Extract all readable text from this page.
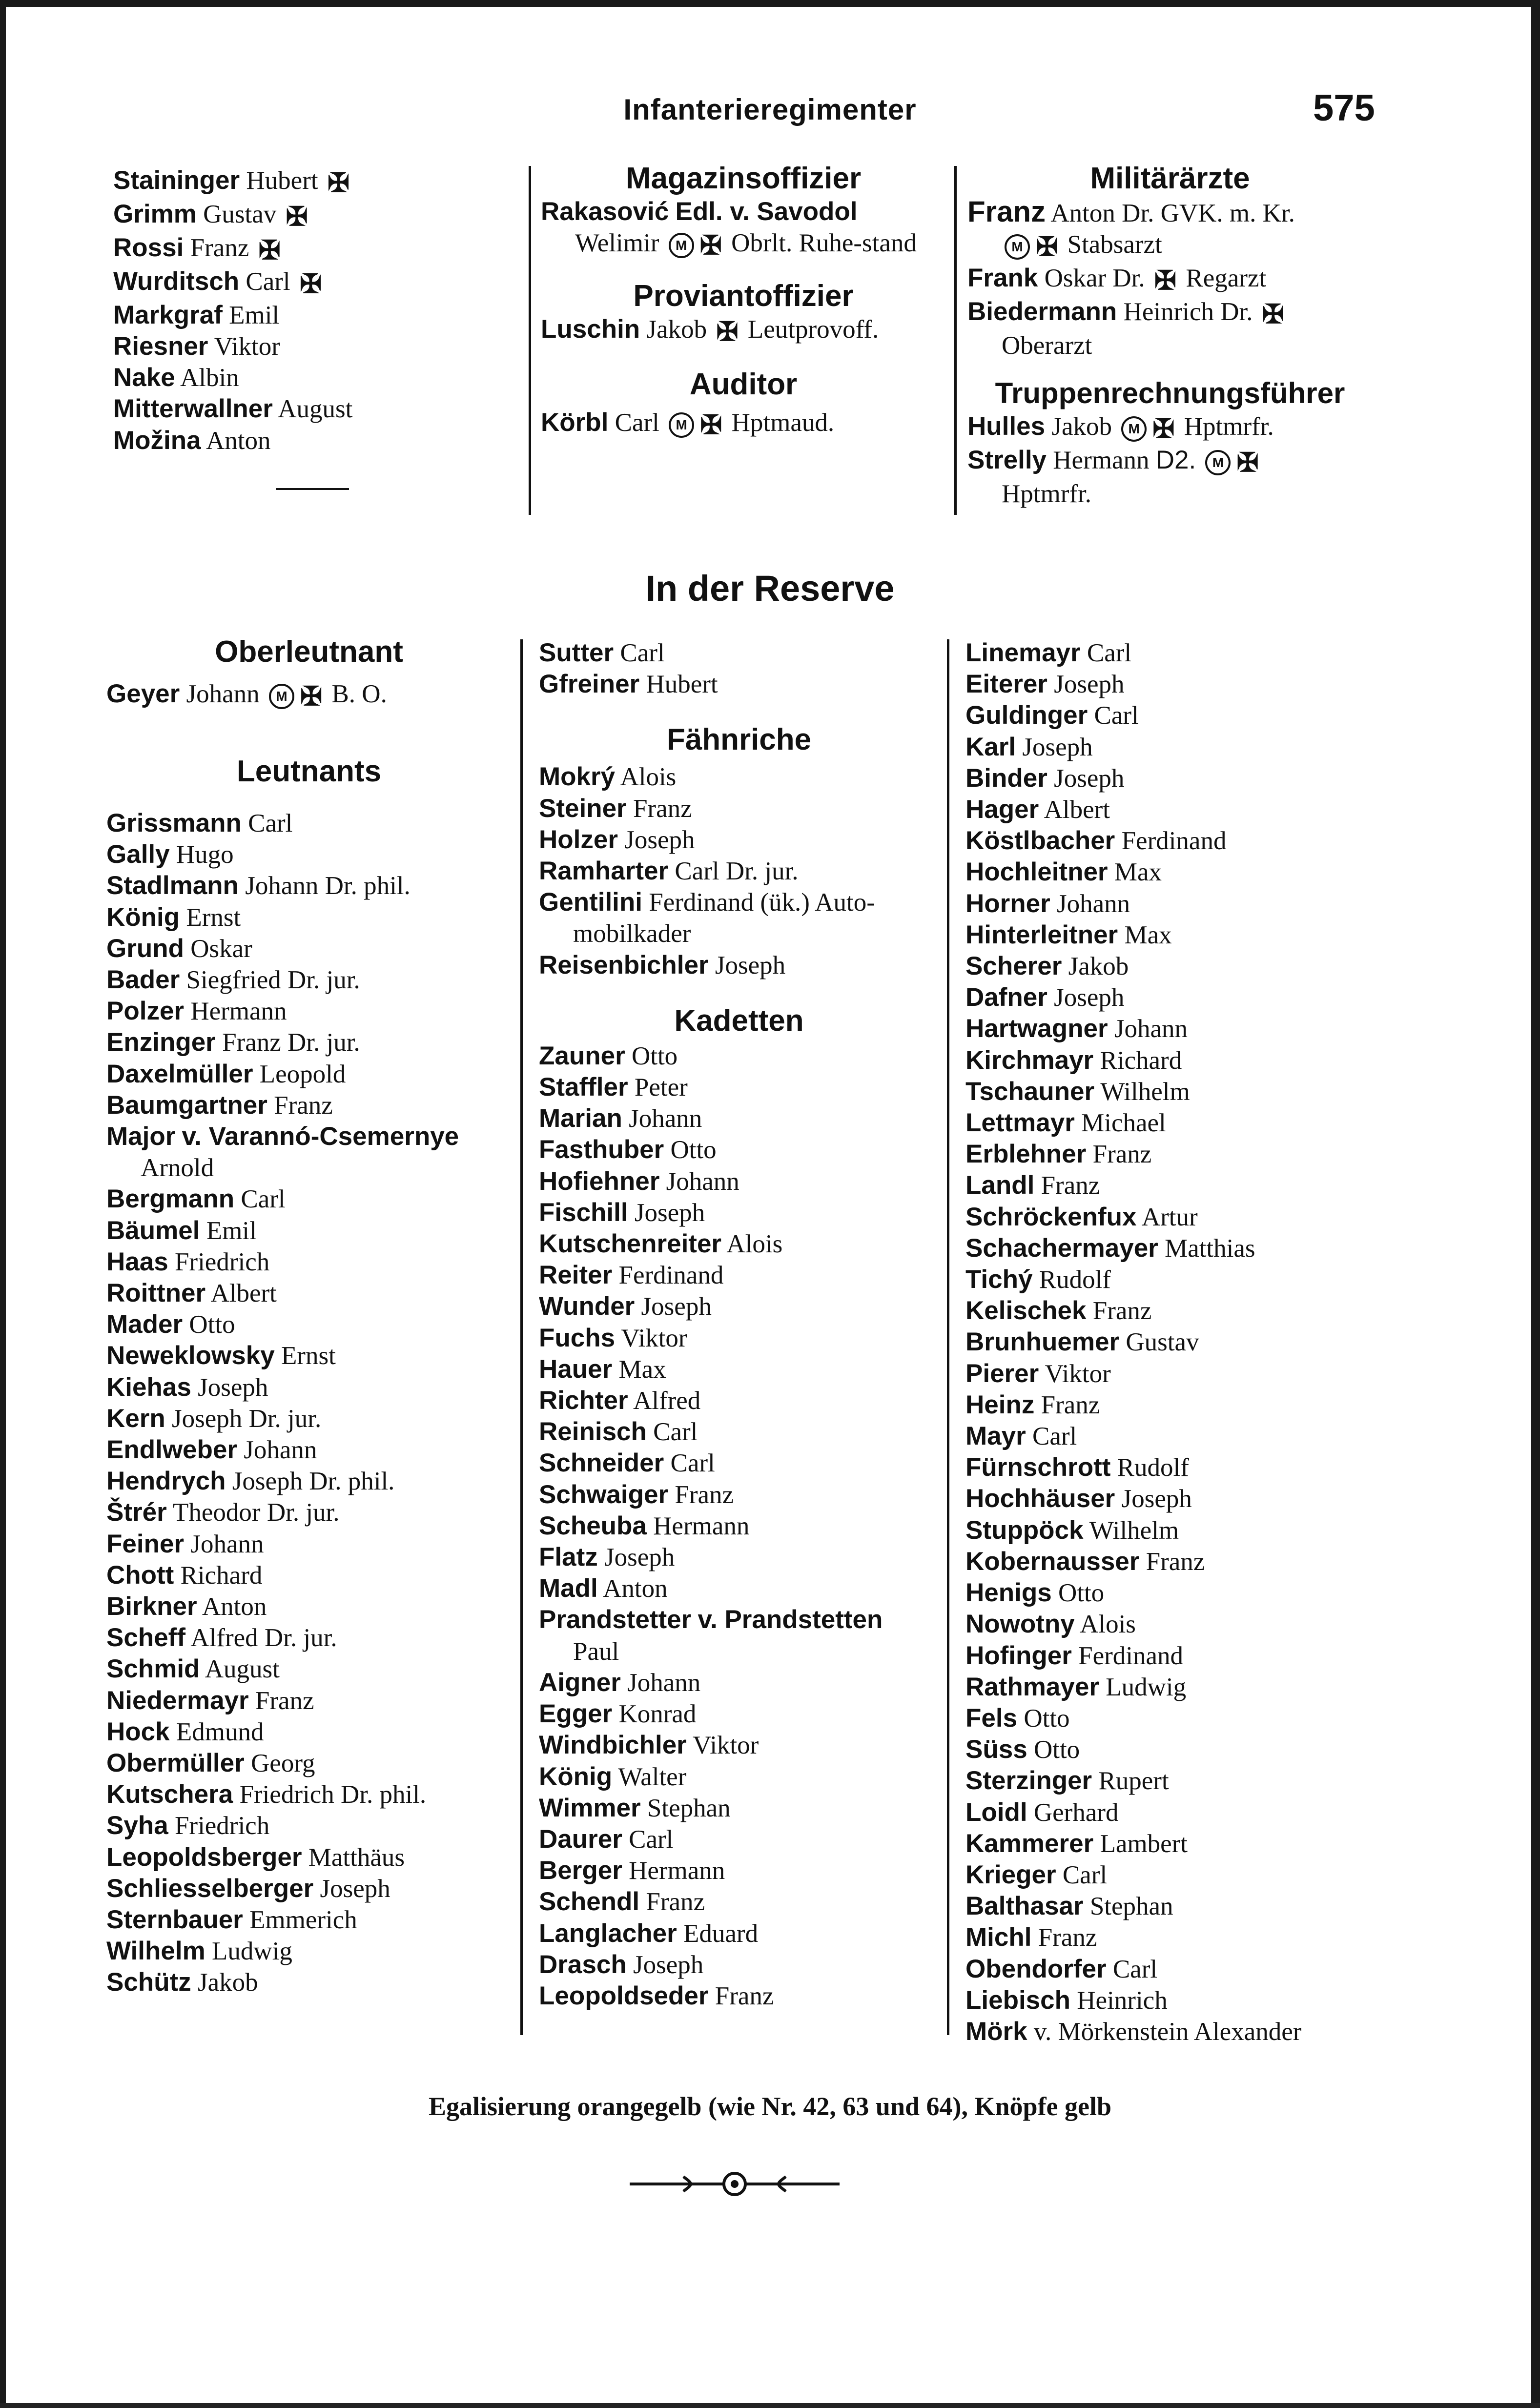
Infanterieregimenter	575
Staininger Hubert ✠
Grimm Gustav ✠
Rossi Franz ✠
Wurditsch Carl ✠
Markgraf Emil
Riesner Viktor
Nake Albin
Mitterwallner August
Možina Anton
Magazinsoffizier
Rakasović Edl. v. Savodol
Welimir M ✠ Obrlt. Ruhe-stand
Proviantoffizier
Luschin Jakob ✠ Leutprovoff.
Auditor
Körbl Carl M ✠ Hptmaud.
Militärärzte
Franz Anton Dr. GVK. m. Kr.
M ✠ Stabsarzt
Frank Oskar Dr. ✠ Regarzt
Biedermann Heinrich Dr. ✠
Oberarzt
Truppenrechnungsführer
Hulles Jakob M ✠ Hptmrfr.
Strelly Hermann D2. M ✠
Hptmrfr.
In der Reserve
Oberleutnant
Geyer Johann M ✠ B. O.
Leutnants
Grissmann Carl
Gally Hugo
Stadlmann Johann Dr. phil.
König Ernst
Grund Oskar
Bader Siegfried Dr. jur.
Polzer Hermann
Enzinger Franz Dr. jur.
Daxelmüller Leopold
Baumgartner Franz
Major v. Varannó-Csemernye
Arnold
Bergmann Carl
Bäumel Emil
Haas Friedrich
Roittner Albert
Mader Otto
Neweklowsky Ernst
Kiehas Joseph
Kern Joseph Dr. jur.
Endlweber Johann
Hendrych Joseph Dr. phil.
Štrér Theodor Dr. jur.
Feiner Johann
Chott Richard
Birkner Anton
Scheff Alfred Dr. jur.
Schmid August
Niedermayr Franz
Hock Edmund
Obermüller Georg
Kutschera Friedrich Dr. phil.
Syha Friedrich
Leopoldsberger Matthäus
Schliesselberger Joseph
Sternbauer Emmerich
Wilhelm Ludwig
Schütz Jakob
Sutter Carl
Gfreiner Hubert
Fähnriche
Mokrý Alois
Steiner Franz
Holzer Joseph
Ramharter Carl Dr. jur.
Gentilini Ferdinand (ük.) Auto-
mobilkader
Reisenbichler Joseph
Kadetten
Zauner Otto
Staffler Peter
Marian Johann
Fasthuber Otto
Hofiehner Johann
Fischill Joseph
Kutschenreiter Alois
Reiter Ferdinand
Wunder Joseph
Fuchs Viktor
Hauer Max
Richter Alfred
Reinisch Carl
Schneider Carl
Schwaiger Franz
Scheuba Hermann
Flatz Joseph
Madl Anton
Prandstetter v. Prandstetten
Paul
Aigner Johann
Egger Konrad
Windbichler Viktor
König Walter
Wimmer Stephan
Daurer Carl
Berger Hermann
Schendl Franz
Langlacher Eduard
Drasch Joseph
Leopoldseder Franz
Linemayr Carl
Eiterer Joseph
Guldinger Carl
Karl Joseph
Binder Joseph
Hager Albert
Köstlbacher Ferdinand
Hochleitner Max
Horner Johann
Hinterleitner Max
Scherer Jakob
Dafner Joseph
Hartwagner Johann
Kirchmayr Richard
Tschauner Wilhelm
Lettmayr Michael
Erblehner Franz
Landl Franz
Schröckenfux Artur
Schachermayer Matthias
Tichý Rudolf
Kelischek Franz
Brunhuemer Gustav
Pierer Viktor
Heinz Franz
Mayr Carl
Fürnschrott Rudolf
Hochhäuser Joseph
Stuppöck Wilhelm
Kobernausser Franz
Henigs Otto
Nowotny Alois
Hofinger Ferdinand
Rathmayer Ludwig
Fels Otto
Süss Otto
Sterzinger Rupert
Loidl Gerhard
Kammerer Lambert
Krieger Carl
Balthasar Stephan
Michl Franz
Obendorfer Carl
Liebisch Heinrich
Mörk v. Mörkenstein Alexander
Egalisierung orangegelb (wie Nr. 42, 63 und 64), Knöpfe gelb
